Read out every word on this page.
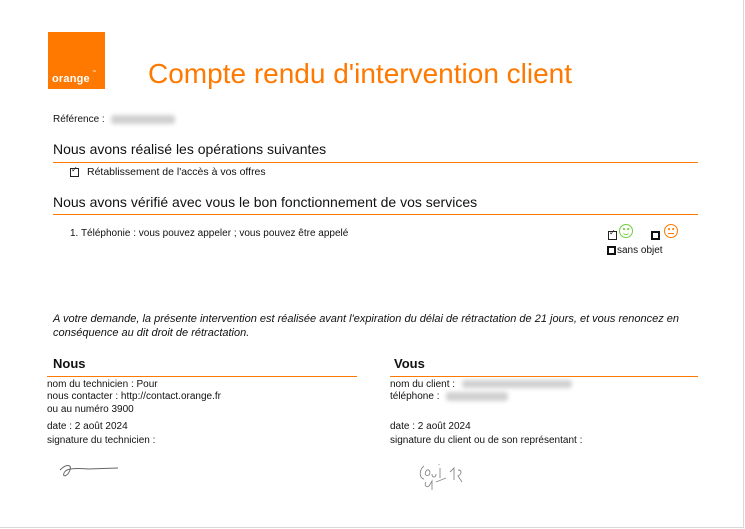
™
orange Compte rendu d'intervention client
Référence :
Nous avons réalisé les opérations suivantes
✓Rétablissement de l'accès à vos offres
Nous avons vérifié avec vous le bon fonctionnement de vos services
1. Téléphonie : vous pouvez appeler ; vous pouvez être appelé
✓
sans objet
A votre demande, la présente intervention est réalisée avant l'expiration du délai de rétractation de 21 jours, et vous renoncez en conséquence au dit droit de rétractation.
Nous
nom du technicien : Pour
nous contacter : http://contact.orange.fr
ou au numéro 3900
date : 2 août 2024
signature du technicien :
Vous
nom du client :
téléphone :
date : 2 août 2024
signature du client ou de son représentant :
